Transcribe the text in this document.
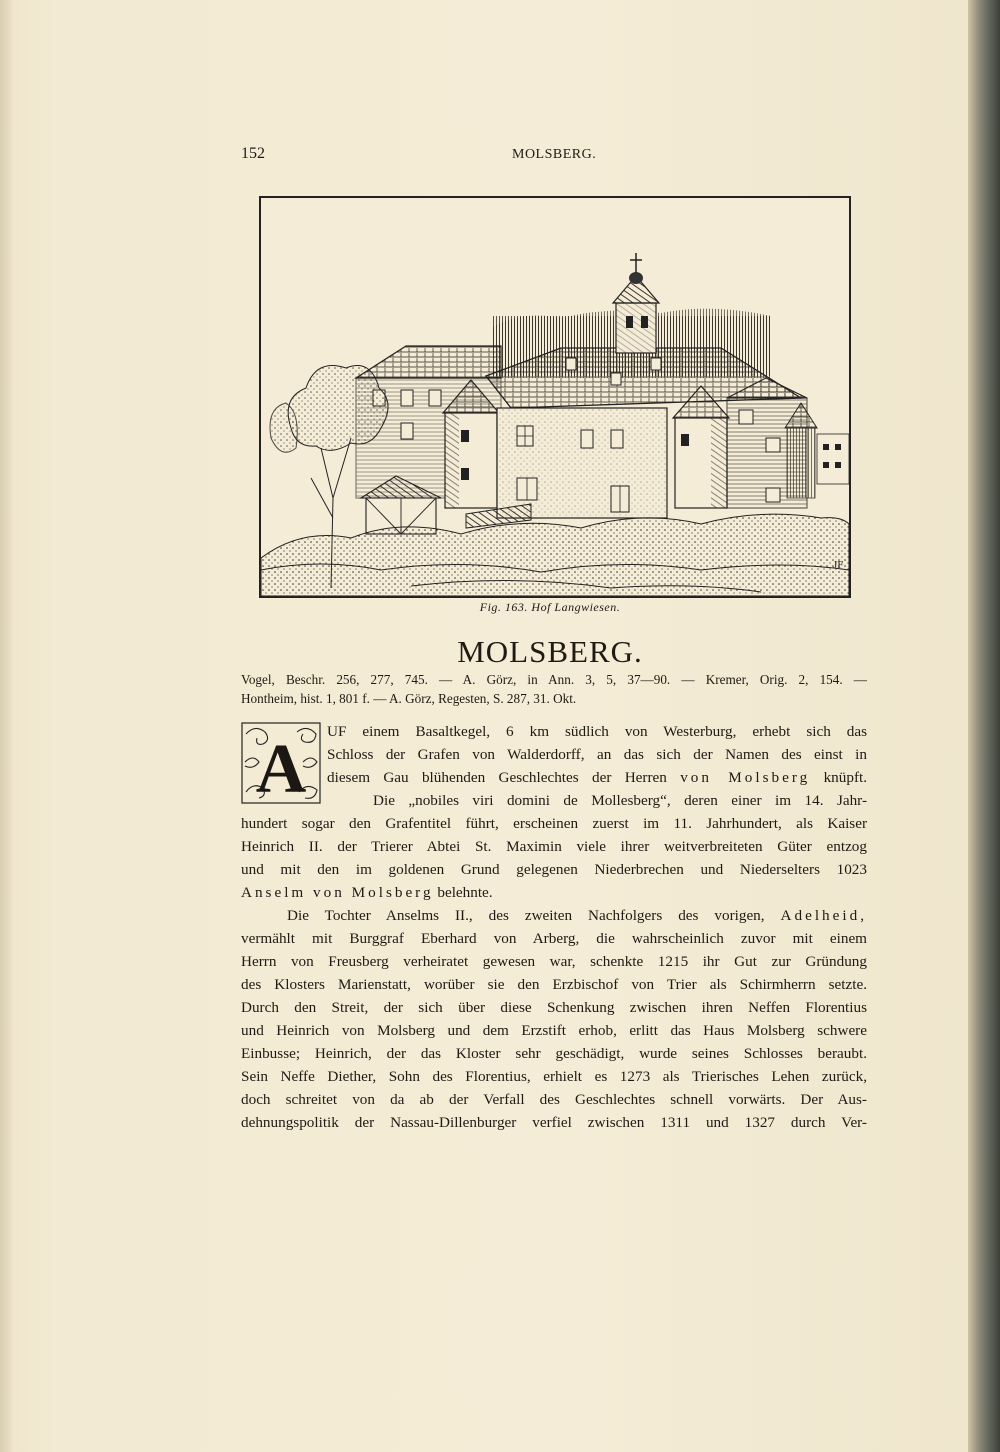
152	MOLSBERG.
JF
Fig. 163. Hof Langwiesen.
MOLSBERG.
Vogel, Beschr. 256, 277, 745. — A. Görz, in Ann. 3, 5, 37—90. — Kremer, Orig. 2, 154. —
Hontheim, hist. 1, 801 f. — A. Görz, Regesten, S. 287, 31. Okt.
A	UF einem Basaltkegel, 6 km südlich von Westerburg, erhebt sich das
Schloss der Grafen von Walderdorff, an das sich der Namen des einst in
diesem Gau blühenden Geschlechtes der Herren von Molsberg knüpft.
Die „nobiles viri domini de Mollesberg“, deren einer im 14. Jahr-
hundert sogar den Grafentitel führt, erscheinen zuerst im 11. Jahrhundert, als Kaiser
Heinrich II. der Trierer Abtei St. Maximin viele ihrer weitverbreiteten Güter entzog
und mit den im goldenen Grund gelegenen Niederbrechen und Niederselters 1023
Anselm von Molsberg belehnte.
Die Tochter Anselms II., des zweiten Nachfolgers des vorigen, Adelheid,
vermählt mit Burggraf Eberhard von Arberg, die wahrscheinlich zuvor mit einem
Herrn von Freusberg verheiratet gewesen war, schenkte 1215 ihr Gut zur Gründung
des Klosters Marienstatt, worüber sie den Erzbischof von Trier als Schirmherrn setzte.
Durch den Streit, der sich über diese Schenkung zwischen ihren Neffen Florentius
und Heinrich von Molsberg und dem Erzstift erhob, erlitt das Haus Molsberg schwere
Einbusse; Heinrich, der das Kloster sehr geschädigt, wurde seines Schlosses beraubt.
Sein Neffe Diether, Sohn des Florentius, erhielt es 1273 als Trierisches Lehen zurück,
doch schreitet von da ab der Verfall des Geschlechtes schnell vorwärts. Der Aus-
dehnungspolitik der Nassau-Dillenburger verfiel zwischen 1311 und 1327 durch Ver-
